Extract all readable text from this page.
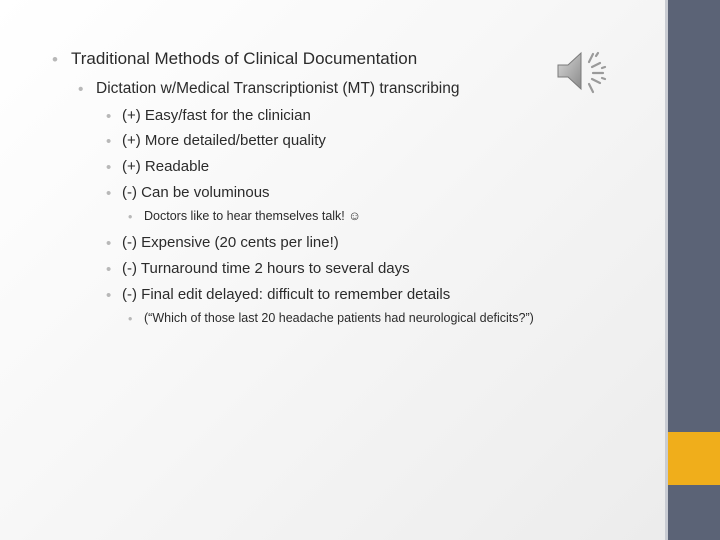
• Traditional Methods of Clinical Documentation
• Dictation w/Medical Transcriptionist (MT) transcribing
• (+) Easy/fast for the clinician
• (+) More detailed/better quality
• (+) Readable
• (-) Can be voluminous
• Doctors like to hear themselves talk! ☺
• (-) Expensive (20 cents per line!)
• (-) Turnaround time 2 hours to several days
• (-) Final edit delayed: difficult to remember details
• (“Which of those last 20 headache patients had neurological deficits?”)
